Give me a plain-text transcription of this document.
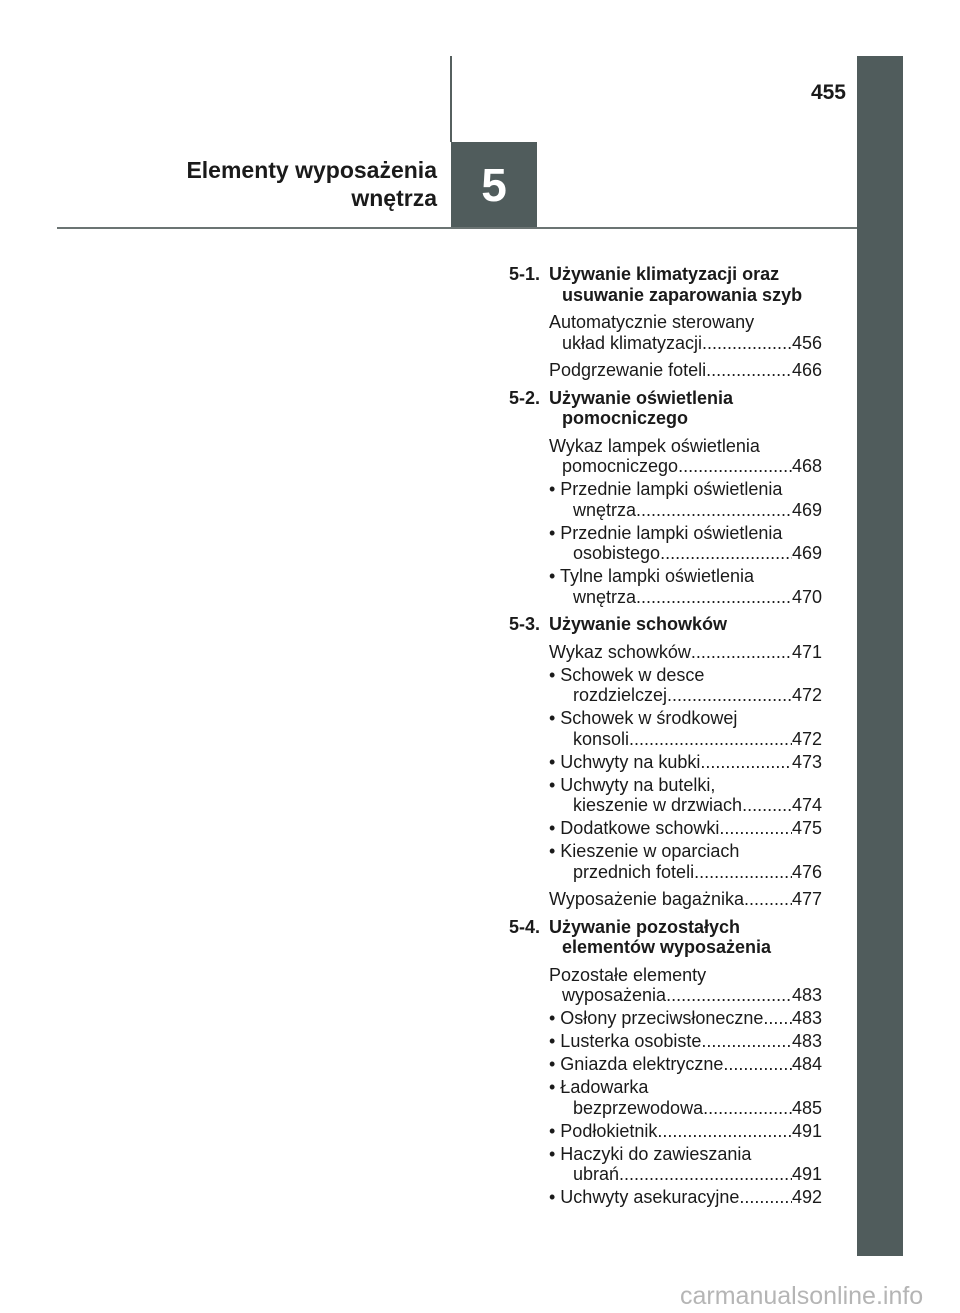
5
455
Elementy wyposażenia
wnętrza
5-1. Używanie klimatyzacji oraz
usuwanie zaparowania szyb
Automatycznie sterowany
układ klimatyzacji .....	456
Podgrzewanie foteli .....	466
5-2. Używanie oświetlenia
pomocniczego
Wykaz lampek oświetlenia
pomocniczego .....	468
• Przednie lampki oświetlenia
wnętrza .....	469
• Przednie lampki oświetlenia
osobistego .....	469
• Tylne lampki oświetlenia
wnętrza .....	470
5-3. Używanie schowków
Wykaz schowków .....	471
• Schowek w desce
rozdzielczej .....	472
• Schowek w środkowej
konsoli .....	472
• Uchwyty na kubki .....	473
• Uchwyty na butelki,
kieszenie w drzwiach .....	474
• Dodatkowe schowki .....	475
• Kieszenie w oparciach
przednich foteli .....	476
Wyposażenie bagażnika .....	477
5-4. Używanie pozostałych
elementów wyposażenia
Pozostałe elementy
wyposażenia .....	483
• Osłony przeciwsłoneczne ..... 483
• Lusterka osobiste .....	483
• Gniazda elektryczne .....	484
• Ładowarka
bezprzewodowa .....	485
• Podłokietnik .....	491
• Haczyki do zawieszania
ubrań .....	491
• Uchwyty asekuracyjne .....	492
carmanualsonline.info
